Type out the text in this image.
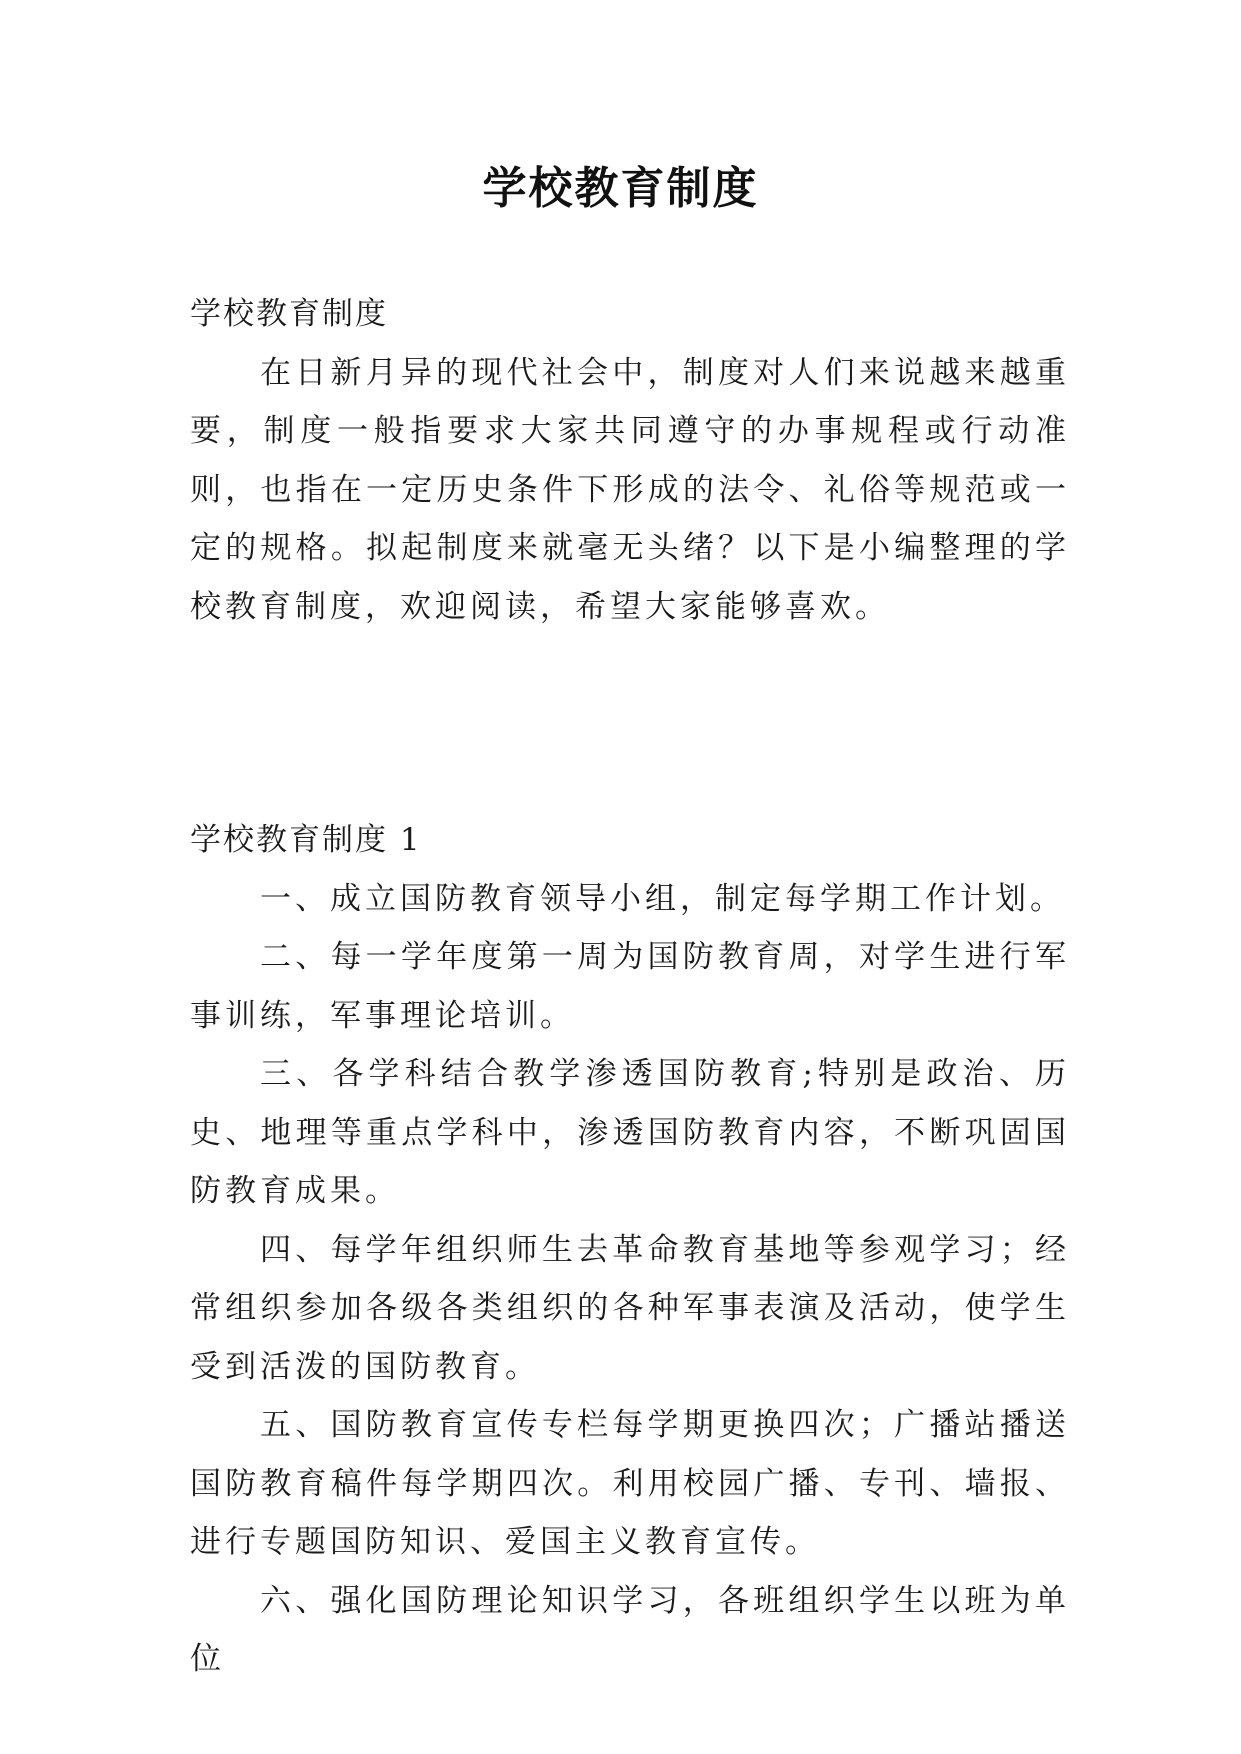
学校教育制度

学校教育制度

在日新月异的现代社会中，制度对人们来说越来越重要，制度一般指要求大家共同遵守的办事规程或行动准则，也指在一定历史条件下形成的法令、礼俗等规范或一定的规格。拟起制度来就毫无头绪？以下是小编整理的学校教育制度，欢迎阅读，希望大家能够喜欢。

学校教育制度 1

一、成立国防教育领导小组，制定每学期工作计划。

二、每一学年度第一周为国防教育周，对学生进行军事训练，军事理论培训。

三、各学科结合教学渗透国防教育;特别是政治、历史、地理等重点学科中，渗透国防教育内容，不断巩固国防教育成果。

四、每学年组织师生去革命教育基地等参观学习；经常组织参加各级各类组织的各种军事表演及活动，使学生受到活泼的国防教育。

五、国防教育宣传专栏每学期更换四次；广播站播送国防教育稿件每学期四次。利用校园广播、专刊、墙报、进行专题国防知识、爱国主义教育宣传。

六、强化国防理论知识学习，各班组织学生以班为单位
